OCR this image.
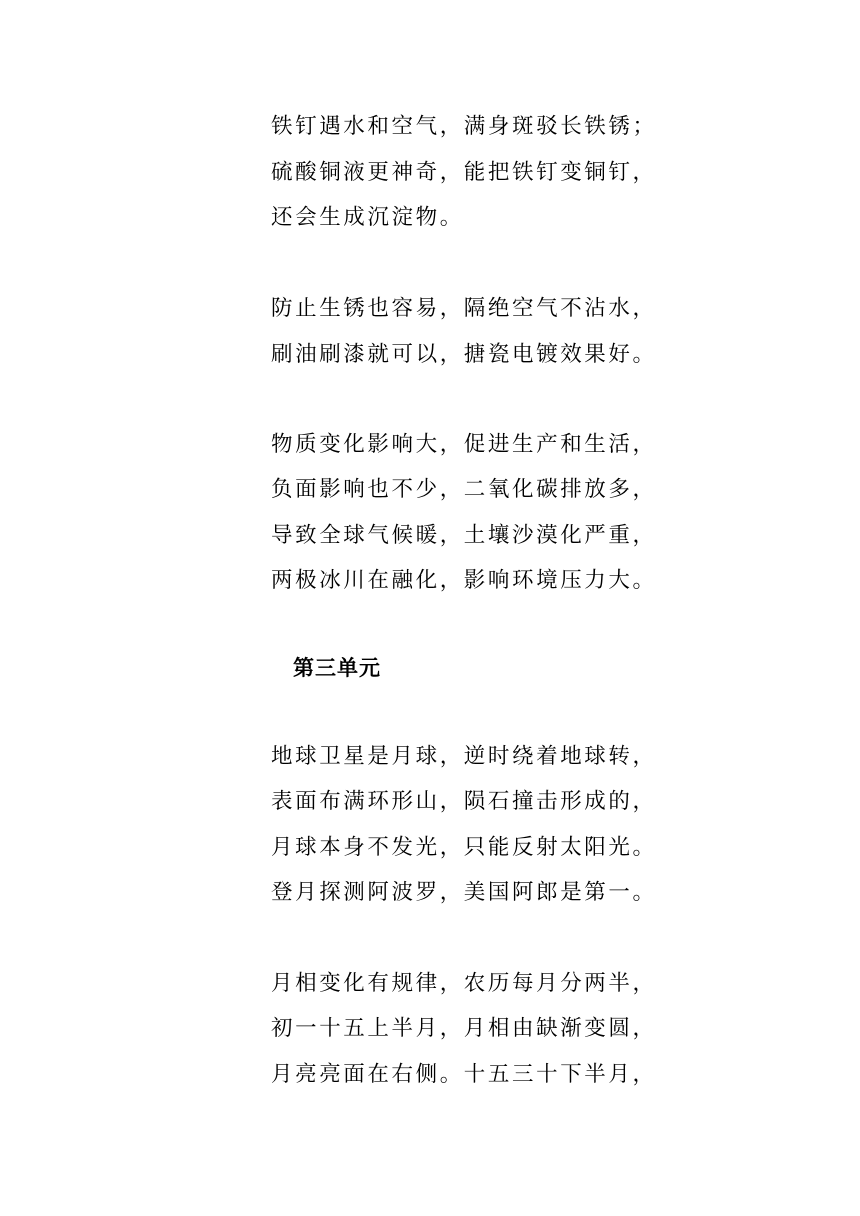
铁钉遇水和空气，满身斑驳长铁锈；
硫酸铜液更神奇，能把铁钉变铜钉，
还会生成沉淀物。
防止生锈也容易，隔绝空气不沾水，
刷油刷漆就可以，搪瓷电镀效果好。
物质变化影响大，促进生产和生活，
负面影响也不少，二氧化碳排放多，
导致全球气候暖，土壤沙漠化严重，
两极冰川在融化，影响环境压力大。
第三单元
地球卫星是月球，逆时绕着地球转，
表面布满环形山，陨石撞击形成的，
月球本身不发光，只能反射太阳光。
登月探测阿波罗，美国阿郎是第一。
月相变化有规律，农历每月分两半，
初一十五上半月，月相由缺渐变圆，
月亮亮面在右侧。十五三十下半月，
